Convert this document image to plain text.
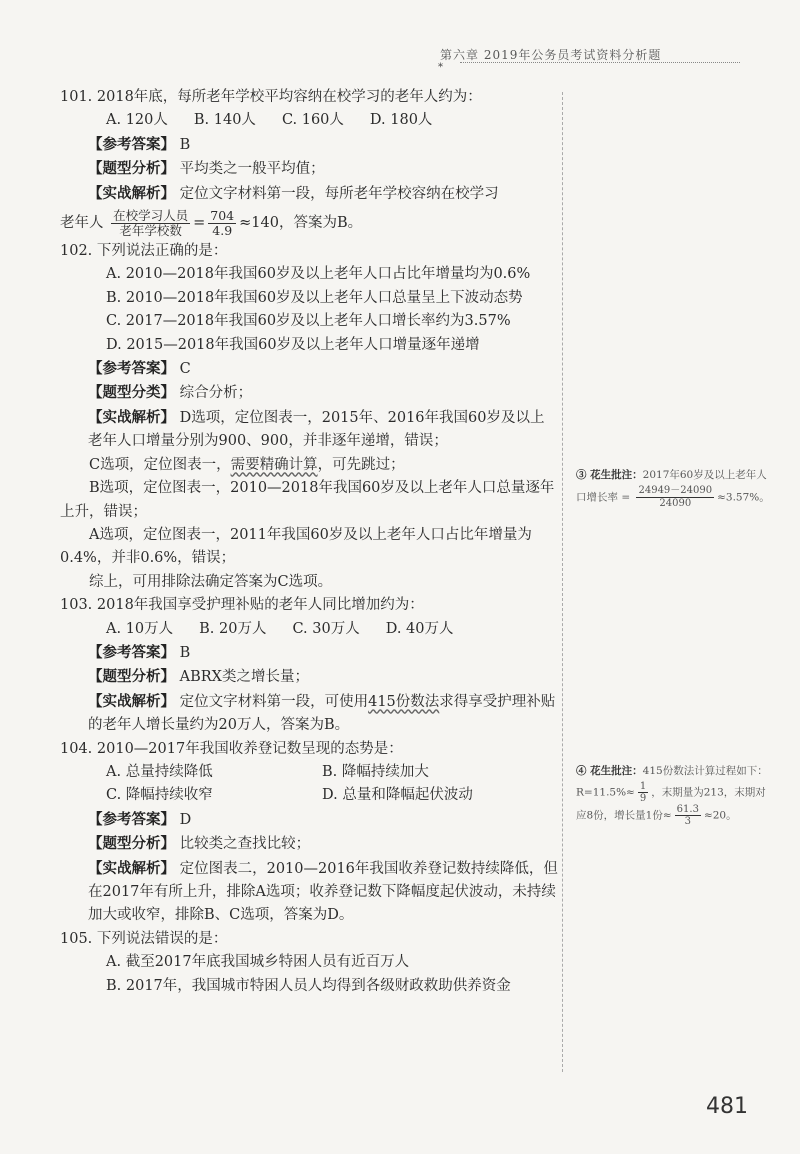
第六章 2019年公务员考试资料分析题
*
101. 2018年底，每所老年学校平均容纳在校学习的老年人约为：
A. 120人 B. 140人 C. 160人 D. 180人
【参考答案】 B
【题型分析】 平均类之一般平均值；
【实战解析】 定位文字材料第一段，每所老年学校容纳在校学习
老年人 $\frac{\text{在校学习人员}}{\text{老年学校数}} = \frac{704}{4.9} \approx 140$，答案为B。
102. 下列说法正确的是：
A. 2010—2018年我国60岁及以上老年人口占比年增量均为0.6%
B. 2010—2018年我国60岁及以上老年人口总量呈上下波动态势
C. 2017—2018年我国60岁及以上老年人口增长率约为3.57%
D. 2015—2018年我国60岁及以上老年人口增量逐年递增
【参考答案】 C
【题型分类】 综合分析；
【实战解析】 D选项，定位图表一，2015年、2016年我国60岁及以上老年人口增量分别为900、900，并非逐年递增，错误；
C选项，定位图表一，需要精确计算，可先跳过；
B选项，定位图表一，2010—2018年我国60岁及以上老年人口总量逐年上升，错误；
A选项，定位图表一，2011年我国60岁及以上老年人口占比年增量为0.4%，并非0.6%，错误；
综上，可用排除法确定答案为C选项。
103. 2018年我国享受护理补贴的老年人同比增加约为：
A. 10万人 B. 20万人 C. 30万人 D. 40万人
【参考答案】 B
【题型分析】 ABRX类之增长量；
【实战解析】 定位文字材料第一段，可使用415份数法求得享受护理补贴的老年人增长量约为20万人，答案为B。
104. 2010—2017年我国收养登记数呈现的态势是：
A. 总量持续降低	B. 降幅持续加大
C. 降幅持续收窄	D. 总量和降幅起伏波动
【参考答案】 D
【题型分析】 比较类之查找比较；
【实战解析】 定位图表二，2010—2016年我国收养登记数持续降低，但在2017年有所上升，排除A选项；收养登记数下降幅度起伏波动，未持续加大或收窄，排除B、C选项，答案为D。
105. 下列说法错误的是：
A. 截至2017年底我国城乡特困人员有近百万人
B. 2017年，我国城市特困人员人均得到各级财政救助供养资金
③ 花生批注：2017年60岁及以上老年人口增长率 = $\frac{24949-24090}{24090} \approx 3.57\%$。
④ 花生批注：415份数法计算过程如下：
$R=11.5\%\approx \frac{1}{9}$ ，末期量为213，末期对应8份，增长量1份≈ $\frac{61.3}{3} \approx 20$。
481
